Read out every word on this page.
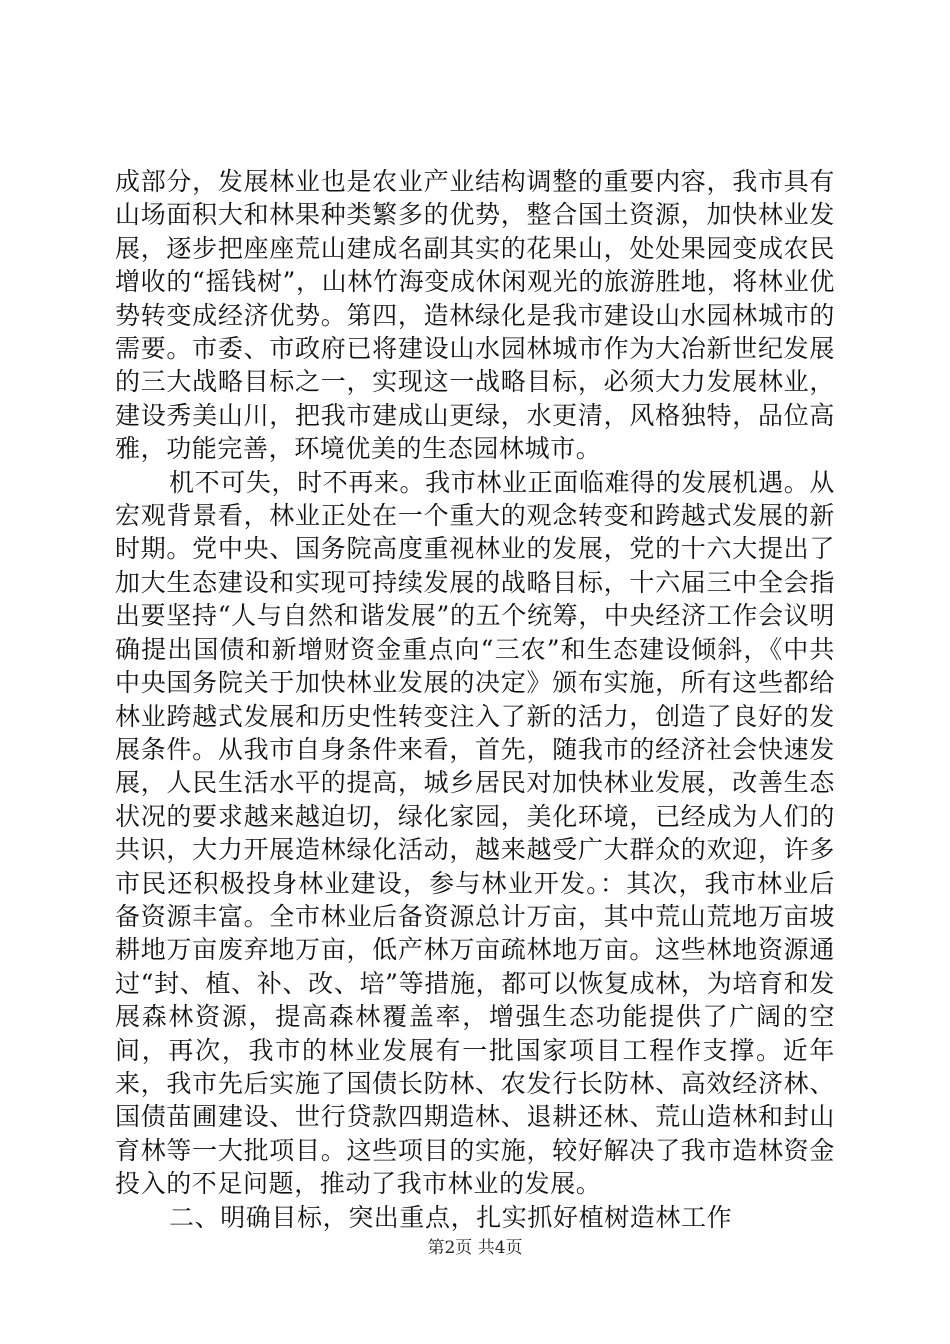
成部分，发展林业也是农业产业结构调整的重要内容，我市具有山场面积大和林果种类繁多的优势，整合国土资源，加快林业发展，逐步把座座荒山建成名副其实的花果山，处处果园变成农民增收的“摇钱树”，山林竹海变成休闲观光的旅游胜地，将林业优势转变成经济优势。第四，造林绿化是我市建设山水园林城市的需要。市委、市政府已将建设山水园林城市作为大冶新世纪发展的三大战略目标之一，实现这一战略目标，必须大力发展林业，建设秀美山川，把我市建成山更绿，水更清，风格独特，品位高雅，功能完善，环境优美的生态园林城市。

机不可失，时不再来。我市林业正面临难得的发展机遇。从宏观背景看，林业正处在一个重大的观念转变和跨越式发展的新时期。党中央、国务院高度重视林业的发展，党的十六大提出了加大生态建设和实现可持续发展的战略目标，十六届三中全会指出要坚持“人与自然和谐发展”的五个统筹，中央经济工作会议明确提出国债和新增财资金重点向“三农”和生态建设倾斜，《中共中央国务院关于加快林业发展的决定》颁布实施，所有这些都给林业跨越式发展和历史性转变注入了新的活力，创造了良好的发展条件。从我市自身条件来看，首先，随我市的经济社会快速发展，人民生活水平的提高，城乡居民对加快林业发展，改善生态状况的要求越来越迫切，绿化家园，美化环境，已经成为人们的共识，大力开展造林绿化活动，越来越受广大群众的欢迎，许多市民还积极投身林业建设，参与林业开发。：其次，我市林业后备资源丰富。全市林业后备资源总计万亩，其中荒山荒地万亩坡耕地万亩废弃地万亩，低产林万亩疏林地万亩。这些林地资源通过“封、植、补、改、培”等措施，都可以恢复成林，为培育和发展森林资源，提高森林覆盖率，增强生态功能提供了广阔的空间，再次，我市的林业发展有一批国家项目工程作支撑。近年来，我市先后实施了国债长防林、农发行长防林、高效经济林、国债苗圃建设、世行贷款四期造林、退耕还林、荒山造林和封山育林等一大批项目。这些项目的实施，较好解决了我市造林资金投入的不足问题，推动了我市林业的发展。

二、明确目标，突出重点，扎实抓好植树造林工作

第2页 共4页
